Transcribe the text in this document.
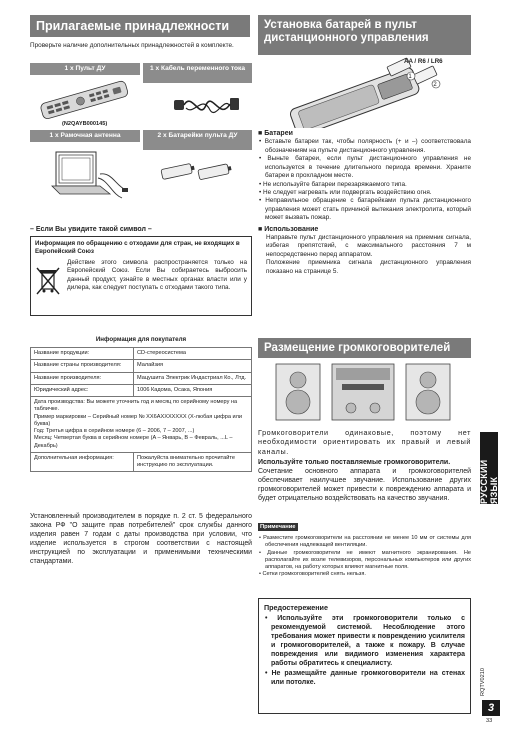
Прилагаемые принадлежности
Проверьте наличие дополнительных принадлежностей в комплекте.
1 x Пульт ДУ	1 x Кабель переменного тока
(N2QAYB000145)
1 x Рамочная антенна	2 x Батарейки пульта ДУ
– Если Вы увидите такой символ –
Информация по обращению с отходами для стран, не входящих в Европейский Союз
Действие этого символа распространяется только на Европейский Союз. Если Вы собираетесь выбросить данный продукт, узнайте в местных органах власти или у дилера, как следует поступать с отходами такого типа.
Информация для покупателя
Название продукции:	CD-стереосистема
Название страны производителя:	Малайзия
Название производителя:	Мацушита Электрик Индастриал Ко., Лтд.
Юридический адрес:	1006 Кадома, Осака, Япония
Дата производства: Вы можете уточнить год и месяц по серийному номеру на табличке.
Пример маркировки – Серийный номер № XX6AXXXXXXX (X-любая цифра или буква)
Год: Третья цифра в серийном номере (6 – 2006, 7 – 2007, ...)
Месяц: Четвертая буква в серийном номере (A – Январь, B – Февраль, ...L – Декабрь)	
Дополнительная информация:	Пожалуйста внимательно прочитайте инструкцию по эксплуатации.
Установленный производителем в порядке п. 2 ст. 5 федерального закона РФ "О защите прав потребителей" срок службы данного изделия равен 7 годам с даты производства при условии, что изделие используется в строгом соответствии с настоящей инструкцией по эксплуатации и применимыми техническими стандартами.
Установка батарей в пульт дистанционного управления
1
2
AA / R6 / LR6
■ Батареи

• Вставьте батареи так, чтобы полярность (+ и –) соответствовала обозначениям на пульте дистанционного управления.

• Выньте батареи, если пульт дистанционного управления не используется в течение длительного периода времени. Храните батареи в прохладном месте.

• Не используйте батареи перезаряжаемого типа.

• Не следует нагревать или подвергать воздействию огня.

• Неправильное обращение с батарейками пульта дистанционного управления может стать причиной вытекания электролита, который может вызвать пожар.

■ Использование
Направьте пульт дистанционного управления на приемник сигнала, избегая препятствий, с максимального расстояния 7 м непосредственно перед аппаратом.
Положение приемника сигнала дистанционного управления показано на странице 5.
Размещение громкоговорителей
Громкоговорители одинаковые, поэтому нет необходимости ориентировать их правый и левый каналы.
Используйте только поставляемые громкоговорители.
Сочетание основного аппарата и громкоговорителей обеспечивает наилучшее звучание. Использование других громкоговорителей может привести к повреждению аппарата и будет отрицательно воздействовать на качество звучания.
Примечание

• Разместите громкоговорители на расстоянии не менее 10 мм от системы для обеспечения надлежащей вентиляции.

• Данные громкоговорители не имеют магнитного экранирования. Не располагайте их возле телевизоров, персональных компьютеров или других аппаратов, на работу которых влияют магнитные поля.

• Сетки громкоговорителей снять нельзя.

Предостережение

• Используйте эти громкоговорители только с рекомендуемой системой. Несоблюдение этого требования может привести к повреждению усилителя и громкоговорителей, а также к пожару. В случае повреждения или видимого изменения характера работы обратитесь к специалисту.

• Не размещайте данные громкоговорители на стенах или потолке.

РУССКИЙ ЯЗЫК
RQTV0210
3
33
